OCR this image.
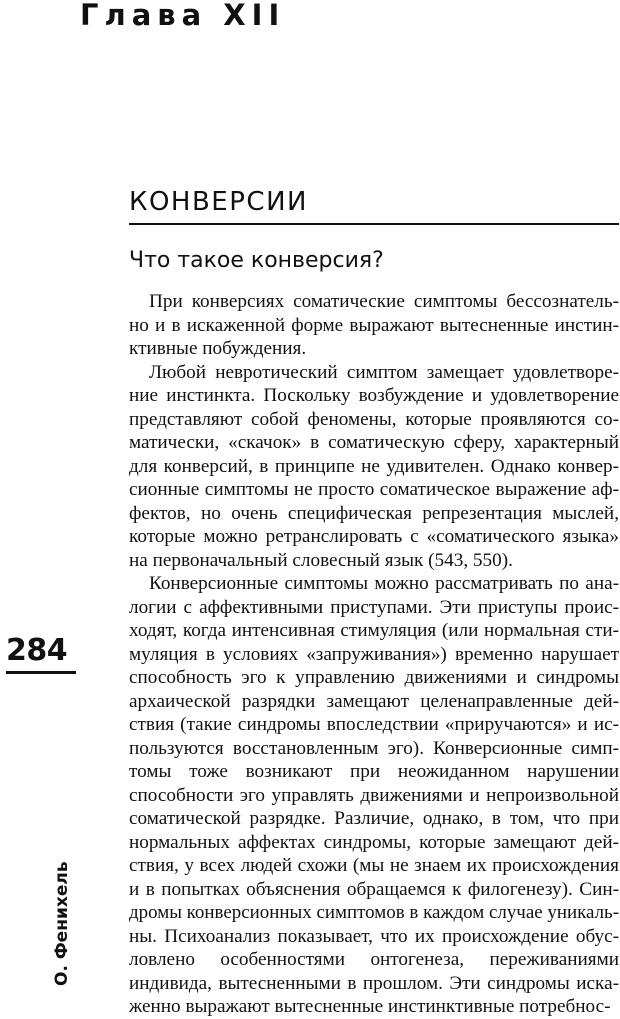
Глава XII
КОНВЕРСИИ
Что такое конверсия?
При конверсиях соматические симптомы бессознатель-
но и в искаженной форме выражают вытесненные инстин-
ктивные побуждения.
Любой невротический симптом замещает удовлетворе-
ние инстинкта. Поскольку возбуждение и удовлетворение
представляют собой феномены, которые проявляются со-
матически, «скачок» в соматическую сферу, характерный
для конверсий, в принципе не удивителен. Однако конвер-
сионные симптомы не просто соматическое выражение аф-
фектов, но очень специфическая репрезентация мыслей,
которые можно ретранслировать с «соматического языка»
на первоначальный словесный язык (543, 550).
Конверсионные симптомы можно рассматривать по ана-
логии с аффективными приступами. Эти приступы проис-
ходят, когда интенсивная стимуляция (или нормальная сти-
муляция в условиях «запруживания») временно нарушает
способность эго к управлению движениями и синдромы
архаической разрядки замещают целенаправленные дей-
ствия (такие синдромы впоследствии «приручаются» и ис-
пользуются восстановленным эго). Конверсионные симп-
томы тоже возникают при неожиданном нарушении
способности эго управлять движениями и непроизвольной
соматической разрядке. Различие, однако, в том, что при
нормальных аффектах синдромы, которые замещают дей-
ствия, у всех людей схожи (мы не знаем их происхождения
и в попытках объяснения обращаемся к филогенезу). Син-
дромы конверсионных симптомов в каждом случае уникаль-
ны. Психоанализ показывает, что их происхождение обус-
ловлено особенностями онтогенеза, переживаниями
индивида, вытесненными в прошлом. Эти синдромы иска-
женно выражают вытесненные инстинктивные потребнос-
284
О. Фенихель
